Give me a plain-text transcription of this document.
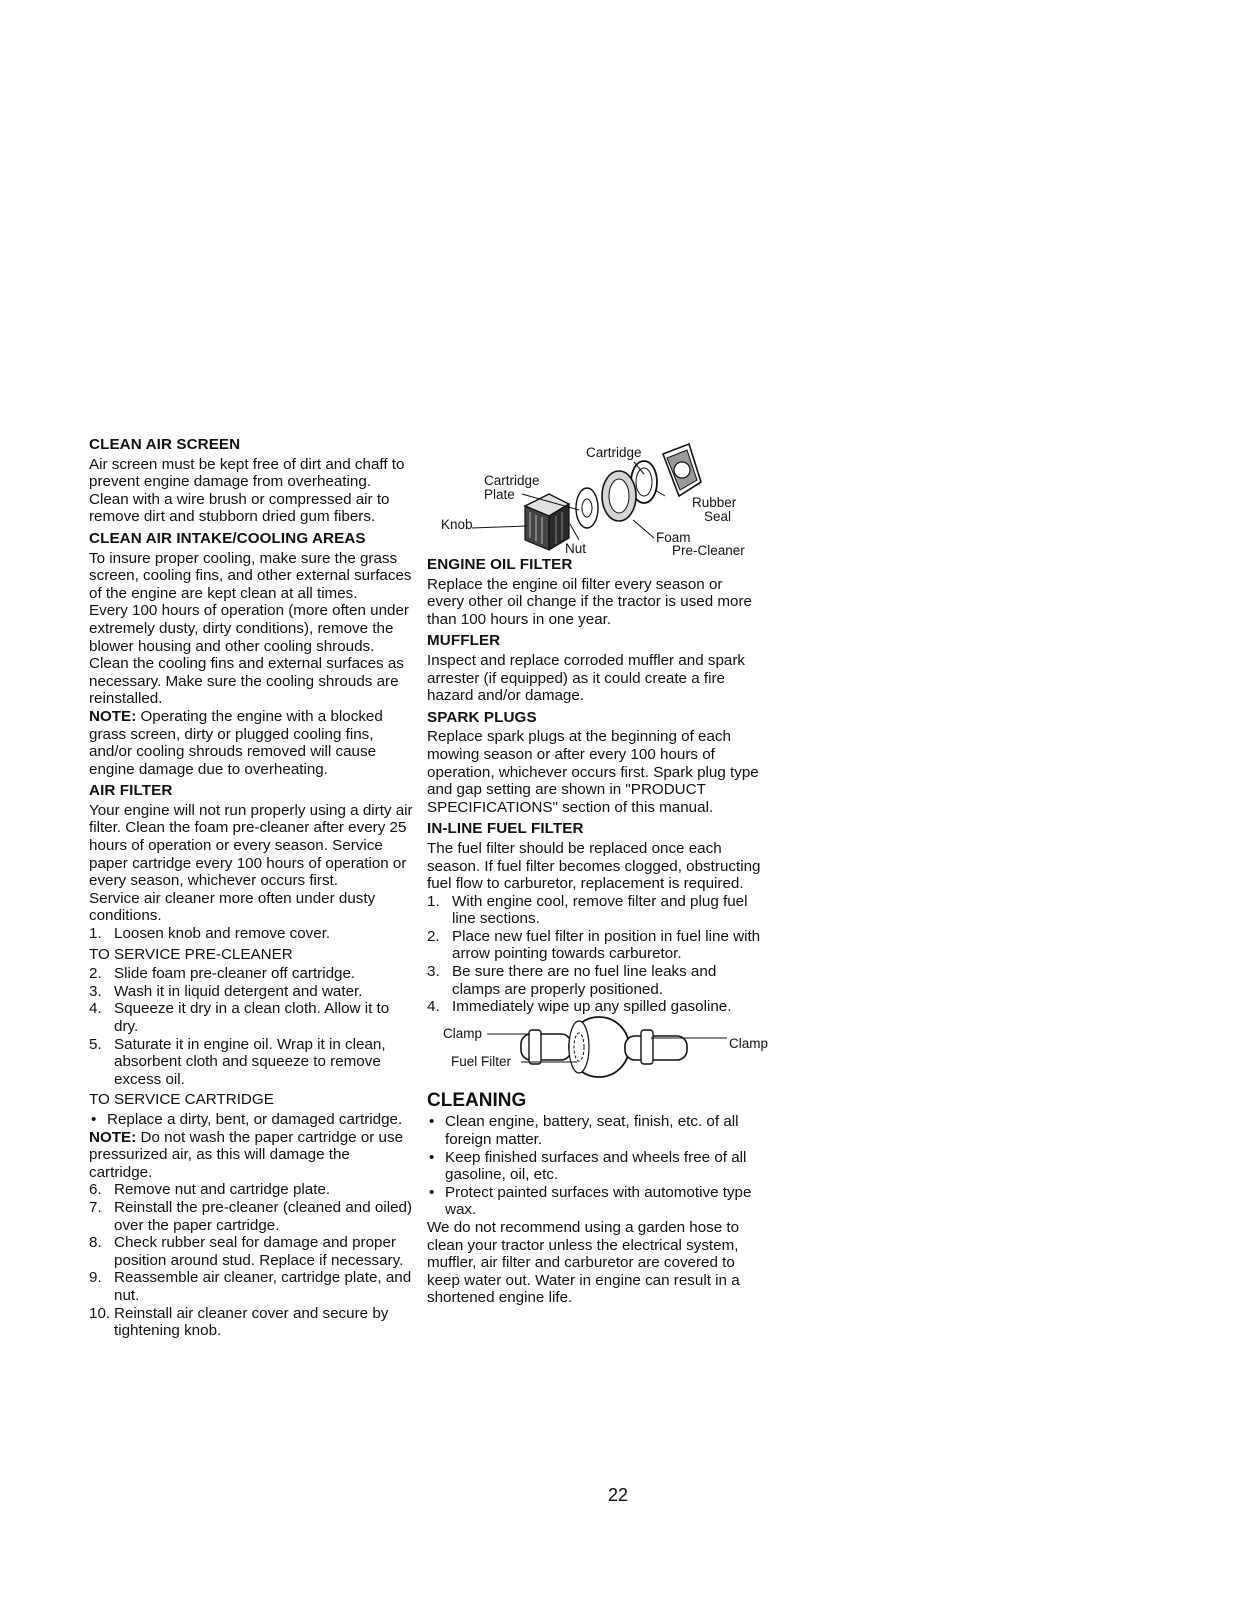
CLEAN AIR SCREEN

Air screen must be kept free of dirt and chaff to prevent engine damage from overheating. Clean with a wire brush or compressed air to remove dirt and stubborn dried gum fibers.

CLEAN AIR INTAKE/COOLING AREAS

To insure proper cooling, make sure the grass screen, cooling fins, and other external surfaces of the engine are kept clean at all times.

Every 100 hours of operation (more often under extremely dusty, dirty conditions), remove the blower housing and other cooling shrouds. Clean the cooling fins and external surfaces as necessary. Make sure the cooling shrouds are reinstalled.

NOTE: Operating the engine with a blocked grass screen, dirty or plugged cooling fins, and/or cooling shrouds removed will cause engine damage due to overheating.

AIR FILTER

Your engine will not run properly using a dirty air filter. Clean the foam pre-cleaner after every 25 hours of operation or every season. Service paper cartridge every 100 hours of operation or every season, whichever occurs first.

Service air cleaner more often under dusty conditions.

1. Loosen knob and remove cover.

TO SERVICE PRE-CLEANER

2. Slide foam pre-cleaner off cartridge.
3. Wash it in liquid detergent and water.
4. Squeeze it dry in a clean cloth. Allow it to dry.
5. Saturate it in engine oil. Wrap it in clean, absorbent cloth and squeeze to remove excess oil.

TO SERVICE CARTRIDGE

• Replace a dirty, bent, or damaged cartridge.

NOTE: Do not wash the paper cartridge or use pressurized air, as this will damage the cartridge.

6. Remove nut and cartridge plate.
7. Reinstall the pre-cleaner (cleaned and oiled) over the paper cartridge.
8. Check rubber seal for damage and proper position around stud. Replace if necessary.
9. Reassemble air cleaner, cartridge plate, and nut.
10. Reinstall air cleaner cover and secure by tightening knob.
Cartridge
Cartridge
Plate
Rubber
Seal
Knob
Foam
Pre-Cleaner
Nut
ENGINE OIL FILTER

Replace the engine oil filter every season or every other oil change if the tractor is used more than 100 hours in one year.

MUFFLER

Inspect and replace corroded muffler and spark arrester (if equipped) as it could create a fire hazard and/or damage.

SPARK PLUGS

Replace spark plugs at the beginning of each mowing season or after every 100 hours of operation, whichever occurs first. Spark plug type and gap setting are shown in "PRODUCT SPECIFICATIONS" section of this manual.

IN-LINE FUEL FILTER

The fuel filter should be replaced once each season. If fuel filter becomes clogged, obstructing fuel flow to carburetor, replacement is required.

1. With engine cool, remove filter and plug fuel line sections.
2. Place new fuel filter in position in fuel line with arrow pointing towards carburetor.
3. Be sure there are no fuel line leaks and clamps are properly positioned.
4. Immediately wipe up any spilled gasoline.
Clamp
Clamp
Fuel Filter
CLEANING
• Clean engine, battery, seat, finish, etc. of all foreign matter.
• Keep finished surfaces and wheels free of all gasoline, oil, etc.
• Protect painted surfaces with automotive type wax.

We do not recommend using a garden hose to clean your tractor unless the electrical system, muffler, air filter and carburetor are covered to keep water out. Water in engine can result in a shortened engine life.

22
